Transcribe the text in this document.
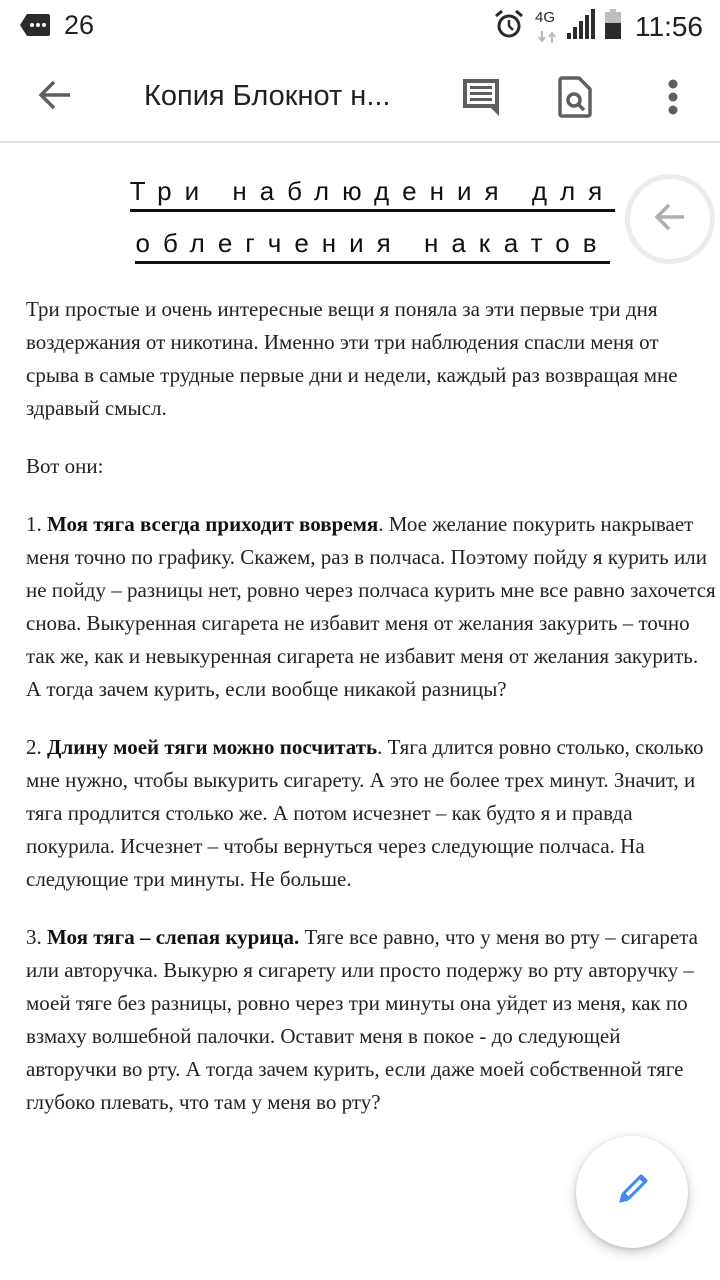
26	4G	11:56
Копия Блокнот н...
Три наблюдения для
облегчения накатов

Три простые и очень интересные вещи я поняла за эти первые три дня воздержания от никотина. Именно эти три наблюдения спасли меня от срыва в самые трудные первые дни и недели, каждый раз возвращая мне здравый смысл.

Вот они:

1. Моя тяга всегда приходит вовремя. Мое желание покурить накрывает меня точно по графику. Скажем, раз в полчаса. Поэтому пойду я курить или не пойду – разницы нет, ровно через полчаса курить мне все равно захочется снова. Выкуренная сигарета не избавит меня от желания закурить – точно так же, как и невыкуренная сигарета не избавит меня от желания закурить. А тогда зачем курить, если вообще никакой разницы?

2. Длину моей тяги можно посчитать. Тяга длится ровно столько, сколько мне нужно, чтобы выкурить сигарету. А это не более трех минут. Значит, и тяга продлится столько же. А потом исчезнет – как будто я и правда покурила. Исчезнет – чтобы вернуться через следующие полчаса. На следующие три минуты. Не больше.

3. Моя тяга – слепая курица. Тяге все равно, что у меня во рту – сигарета или авторучка. Выкурю я сигарету или просто подержу во рту авторучку – моей тяге без разницы, ровно через три минуты она уйдет из меня, как по взмаху волшебной палочки. Оставит меня в покое - до следующей авторучки во рту. А тогда зачем курить, если даже моей собственной тяге глубоко плевать, что там у меня во рту?
